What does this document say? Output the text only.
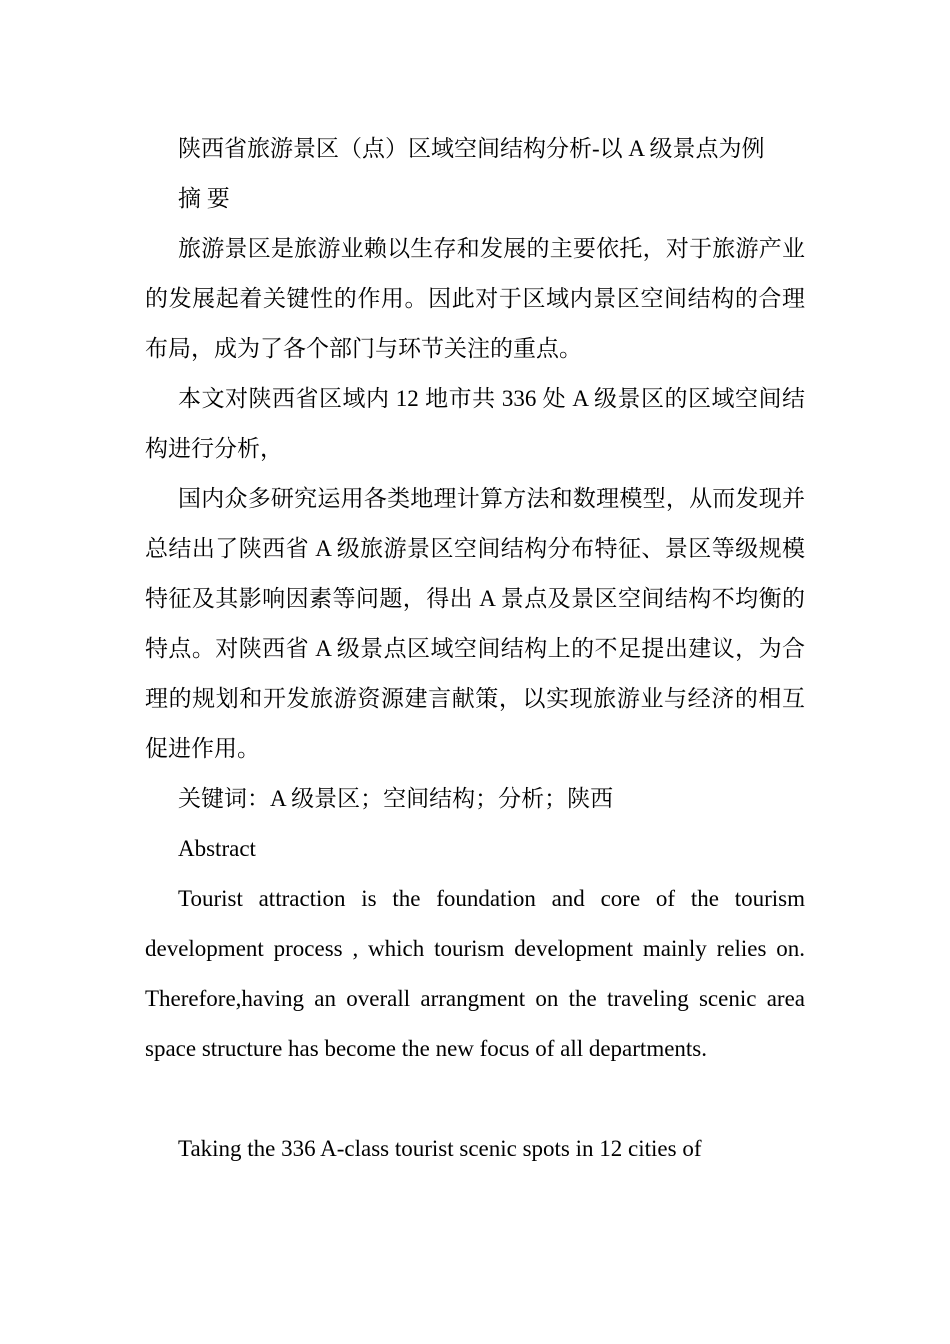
陕西省旅游景区（点）区域空间结构分析-以 A 级景点为例

摘 要

旅游景区是旅游业赖以生存和发展的主要依托，对于旅游产业的发展起着关键性的作用。因此对于区域内景区空间结构的合理布局，成为了各个部门与环节关注的重点。

本文对陕西省区域内 12 地市共 336 处 A 级景区的区域空间结构进行分析，

国内众多研究运用各类地理计算方法和数理模型，从而发现并总结出了陕西省 A 级旅游景区空间结构分布特征、景区等级规模特征及其影响因素等问题，得出 A 景点及景区空间结构不均衡的特点。对陕西省 A 级景点区域空间结构上的不足提出建议，为合理的规划和开发旅游资源建言献策，以实现旅游业与经济的相互促进作用。

关键词：A 级景区；空间结构；分析；陕西

Abstract

Tourist attraction is the foundation and core of the tourism development process , which tourism development mainly relies on. Therefore,having an overall arrangment on the traveling scenic area space structure has become the new focus of all departments.

Taking the 336 A-class tourist scenic spots in 12 cities of
